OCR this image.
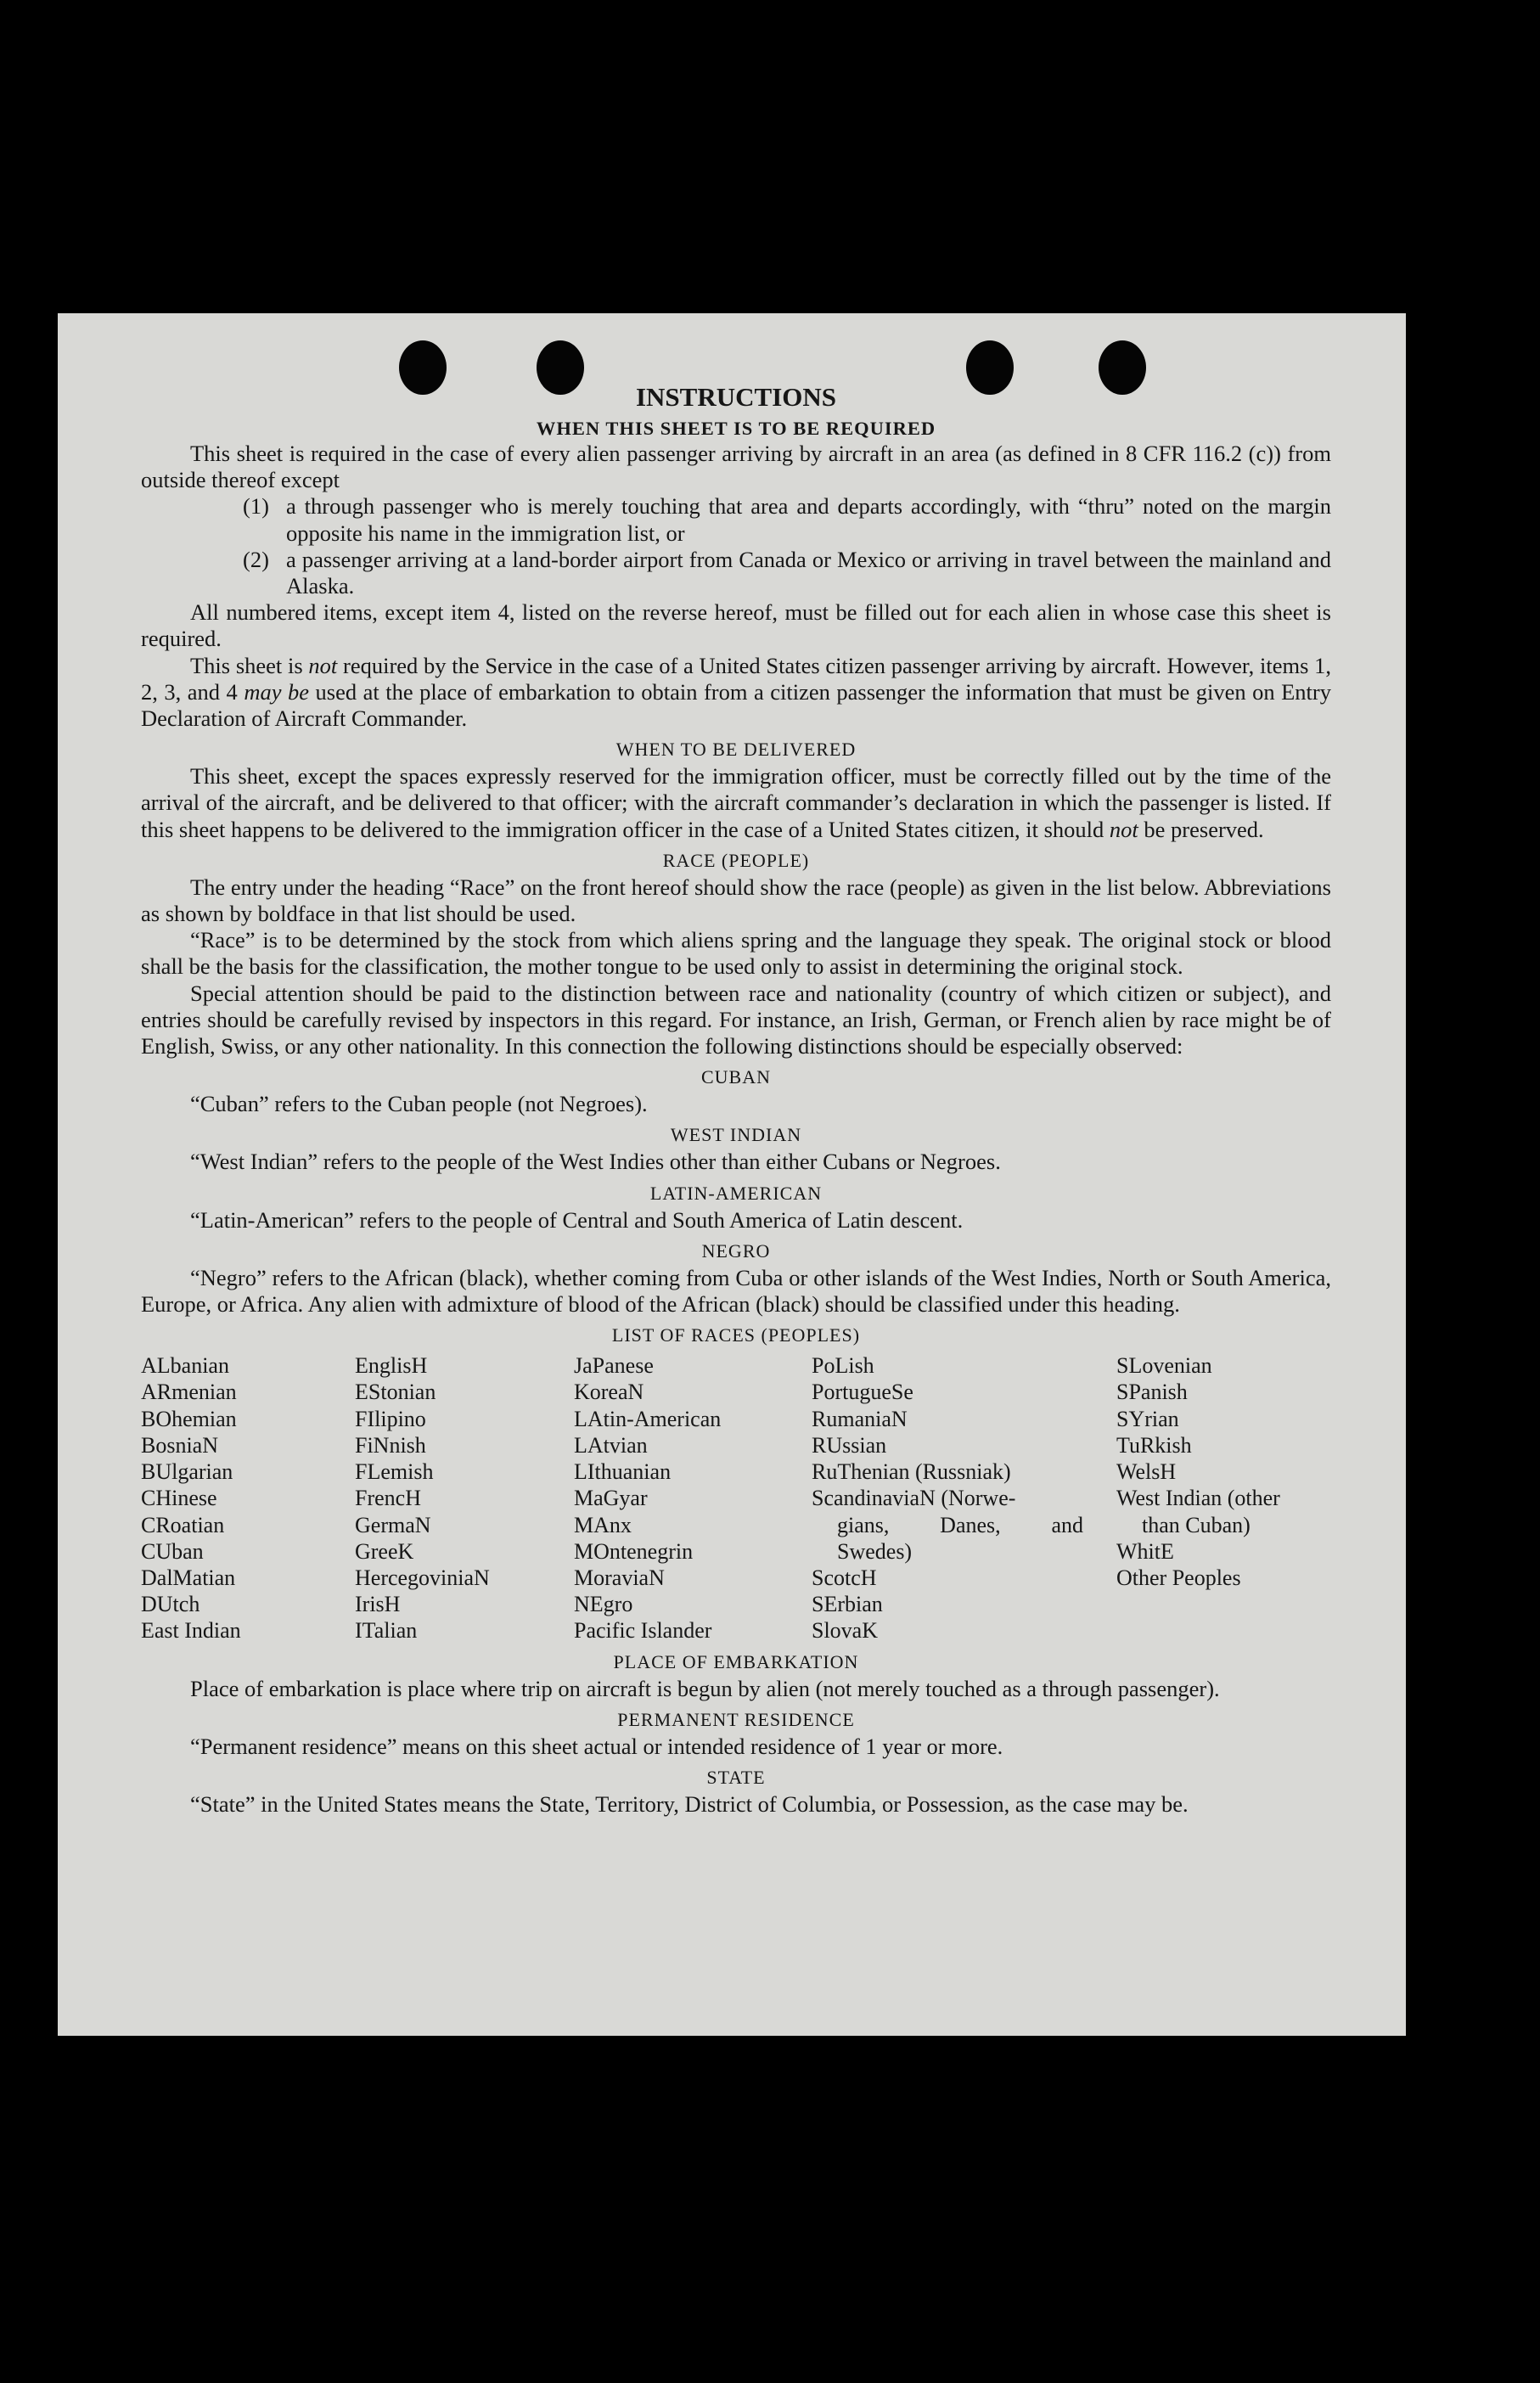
INSTRUCTIONS
WHEN THIS SHEET IS TO BE REQUIRED

This sheet is required in the case of every alien passenger arriving by aircraft in an area (as defined in 8 CFR 116.2 (c)) from outside thereof except

(1) a through passenger who is merely touching that area and departs accordingly, with “thru” noted on the margin opposite his name in the immigration list, or
(2) a passenger arriving at a land-border airport from Canada or Mexico or arriving in travel between the mainland and Alaska.

All numbered items, except item 4, listed on the reverse hereof, must be filled out for each alien in whose case this sheet is required.

This sheet is not required by the Service in the case of a United States citizen passenger arriving by aircraft. However, items 1, 2, 3, and 4 may be used at the place of embarkation to obtain from a citizen passenger the information that must be given on Entry Declaration of Aircraft Commander.

WHEN TO BE DELIVERED

This sheet, except the spaces expressly reserved for the immigration officer, must be correctly filled out by the time of the arrival of the aircraft, and be delivered to that officer; with the aircraft commander’s declaration in which the passenger is listed. If this sheet happens to be delivered to the immigration officer in the case of a United States citizen, it should not be preserved.

RACE (PEOPLE)

The entry under the heading “Race” on the front hereof should show the race (people) as given in the list below. Abbreviations as shown by boldface in that list should be used.

“Race” is to be determined by the stock from which aliens spring and the language they speak. The original stock or blood shall be the basis for the classification, the mother tongue to be used only to assist in determining the original stock.

Special attention should be paid to the distinction between race and nationality (country of which citizen or subject), and entries should be carefully revised by inspectors in this regard. For instance, an Irish, German, or French alien by race might be of English, Swiss, or any other nationality. In this connection the following distinctions should be especially observed:

CUBAN

“Cuban” refers to the Cuban people (not Negroes).

WEST INDIAN

“West Indian” refers to the people of the West Indies other than either Cubans or Negroes.

LATIN-AMERICAN

“Latin-American” refers to the people of Central and South America of Latin descent.

NEGRO

“Negro” refers to the African (black), whether coming from Cuba or other islands of the West Indies, North or South America, Europe, or Africa. Any alien with admixture of blood of the African (black) should be classified under this heading.

LIST OF RACES (PEOPLES)
ALbanian
ARmenian
BOhemian
BosniaN
BUlgarian
CHinese
CRoatian
CUban
DalMatian
DUtch
East Indian
EnglisH
EStonian
FIlipino
FiNnish
FLemish
FrencH
GermaN
GreeK
HercegoviniaN
IrisH
ITalian
JaPanese
KoreaN
LAtin-American
LAtvian
LIthuanian
MaGyar
MAnx
MOntenegrin
MoraviaN
NEgro
Pacific Islander
PoLish
PortugueSe
RumaniaN
RUssian
RuThenian (Russniak)
ScandinaviaN (Norwe-
gians, Danes, and
Swedes)
ScotcH
SErbian
SlovaK
SLovenian
SPanish
SYrian
TuRkish
WelsH
West Indian (other
than Cuban)
WhitE
Other Peoples
PLACE OF EMBARKATION

Place of embarkation is place where trip on aircraft is begun by alien (not merely touched as a through passenger).

PERMANENT RESIDENCE

“Permanent residence” means on this sheet actual or intended residence of 1 year or more.

STATE

“State” in the United States means the State, Territory, District of Columbia, or Possession, as the case may be.
